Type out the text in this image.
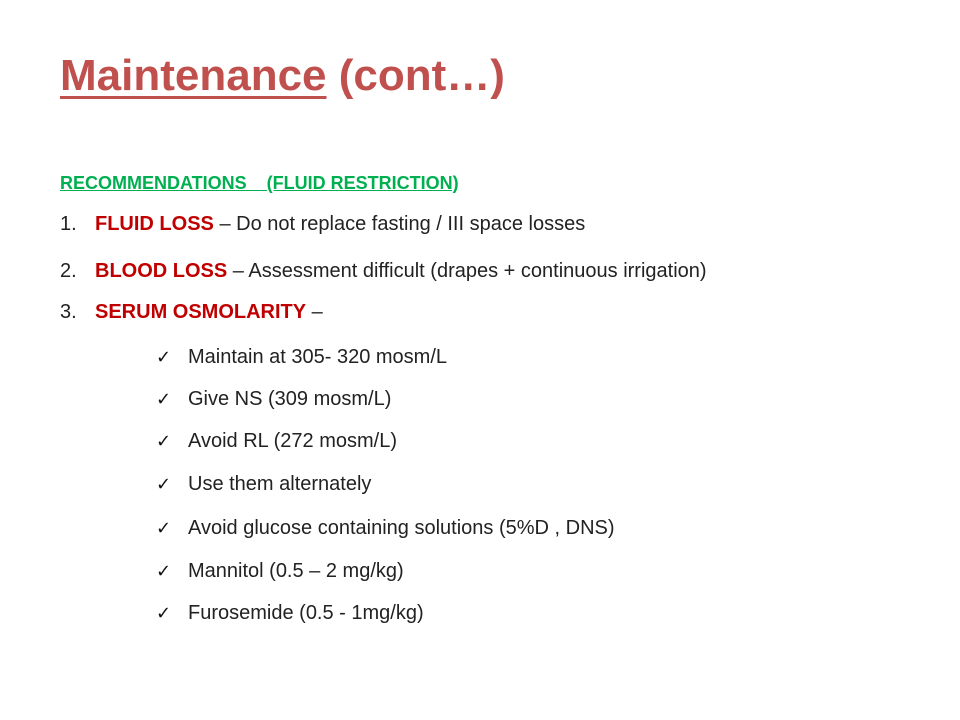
Maintenance (cont…)
RECOMMENDATIONS    (FLUID RESTRICTION)
1. FLUID LOSS – Do not replace fasting / III space losses
2. BLOOD LOSS – Assessment difficult (drapes + continuous irrigation)
3. SERUM OSMOLARITY –
✓ Maintain at 305- 320 mosm/L
✓ Give NS (309 mosm/L)
✓ Avoid RL (272 mosm/L)
✓ Use them alternately
✓ Avoid glucose containing solutions (5%D , DNS)
✓ Mannitol (0.5 – 2 mg/kg)
✓ Furosemide (0.5 - 1mg/kg)
